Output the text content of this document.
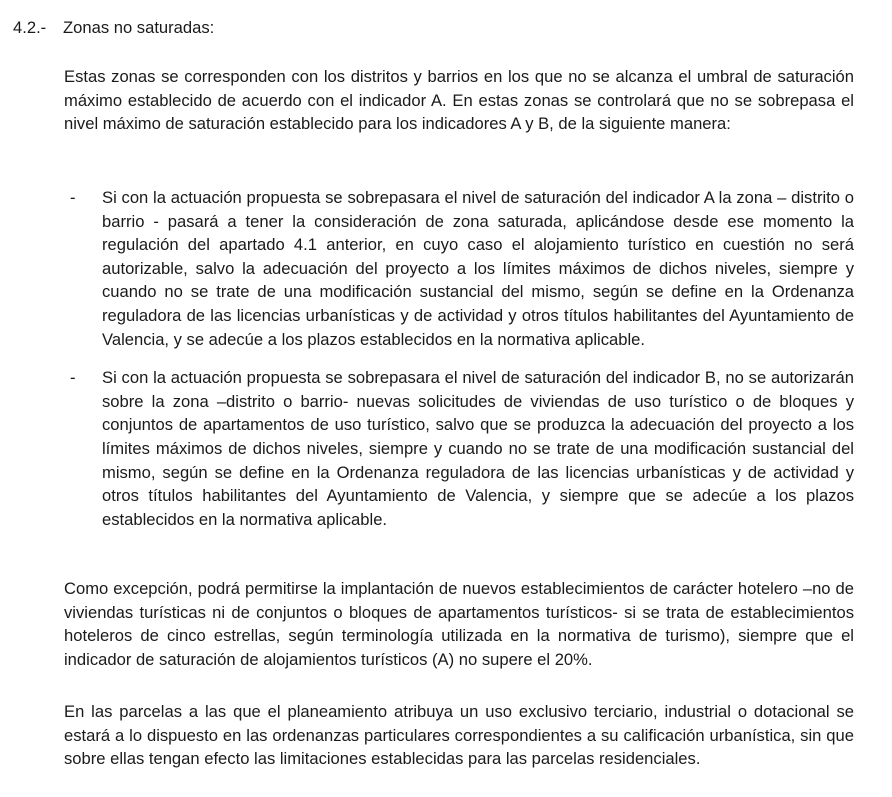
4.2.- Zonas no saturadas:

Estas zonas se corresponden con los distritos y barrios en los que no se alcanza el umbral de saturación máximo establecido de acuerdo con el indicador A. En estas zonas se controlará que no se sobrepasa el nivel máximo de saturación establecido para los indicadores A y B, de la siguiente manera:

- Si con la actuación propuesta se sobrepasara el nivel de saturación del indicador A la zona – distrito o barrio - pasará a tener la consideración de zona saturada, aplicándose desde ese momento la regulación del apartado 4.1 anterior, en cuyo caso el alojamiento turístico en cuestión no será autorizable, salvo la adecuación del proyecto a los límites máximos de dichos niveles, siempre y cuando no se trate de una modificación sustancial del mismo, según se define en la Ordenanza reguladora de las licencias urbanísticas y de actividad y otros títulos habilitantes del Ayuntamiento de Valencia, y se adecúe a los plazos establecidos en la normativa aplicable.
- Si con la actuación propuesta se sobrepasara el nivel de saturación del indicador B, no se autorizarán sobre la zona –distrito o barrio- nuevas solicitudes de viviendas de uso turístico o de bloques y conjuntos de apartamentos de uso turístico, salvo que se produzca la adecuación del proyecto a los límites máximos de dichos niveles, siempre y cuando no se trate de una modificación sustancial del mismo, según se define en la Ordenanza reguladora de las licencias urbanísticas y de actividad y otros títulos habilitantes del Ayuntamiento de Valencia, y siempre que se adecúe a los plazos establecidos en la normativa aplicable.

Como excepción, podrá permitirse la implantación de nuevos establecimientos de carácter hotelero –no de viviendas turísticas ni de conjuntos o bloques de apartamentos turísticos- si se trata de establecimientos hoteleros de cinco estrellas, según terminología utilizada en la normativa de turismo), siempre que el indicador de saturación de alojamientos turísticos (A) no supere el 20%.

En las parcelas a las que el planeamiento atribuya un uso exclusivo terciario, industrial o dotacional se estará a lo dispuesto en las ordenanzas particulares correspondientes a su calificación urbanística, sin que sobre ellas tengan efecto las limitaciones establecidas para las parcelas residenciales.
